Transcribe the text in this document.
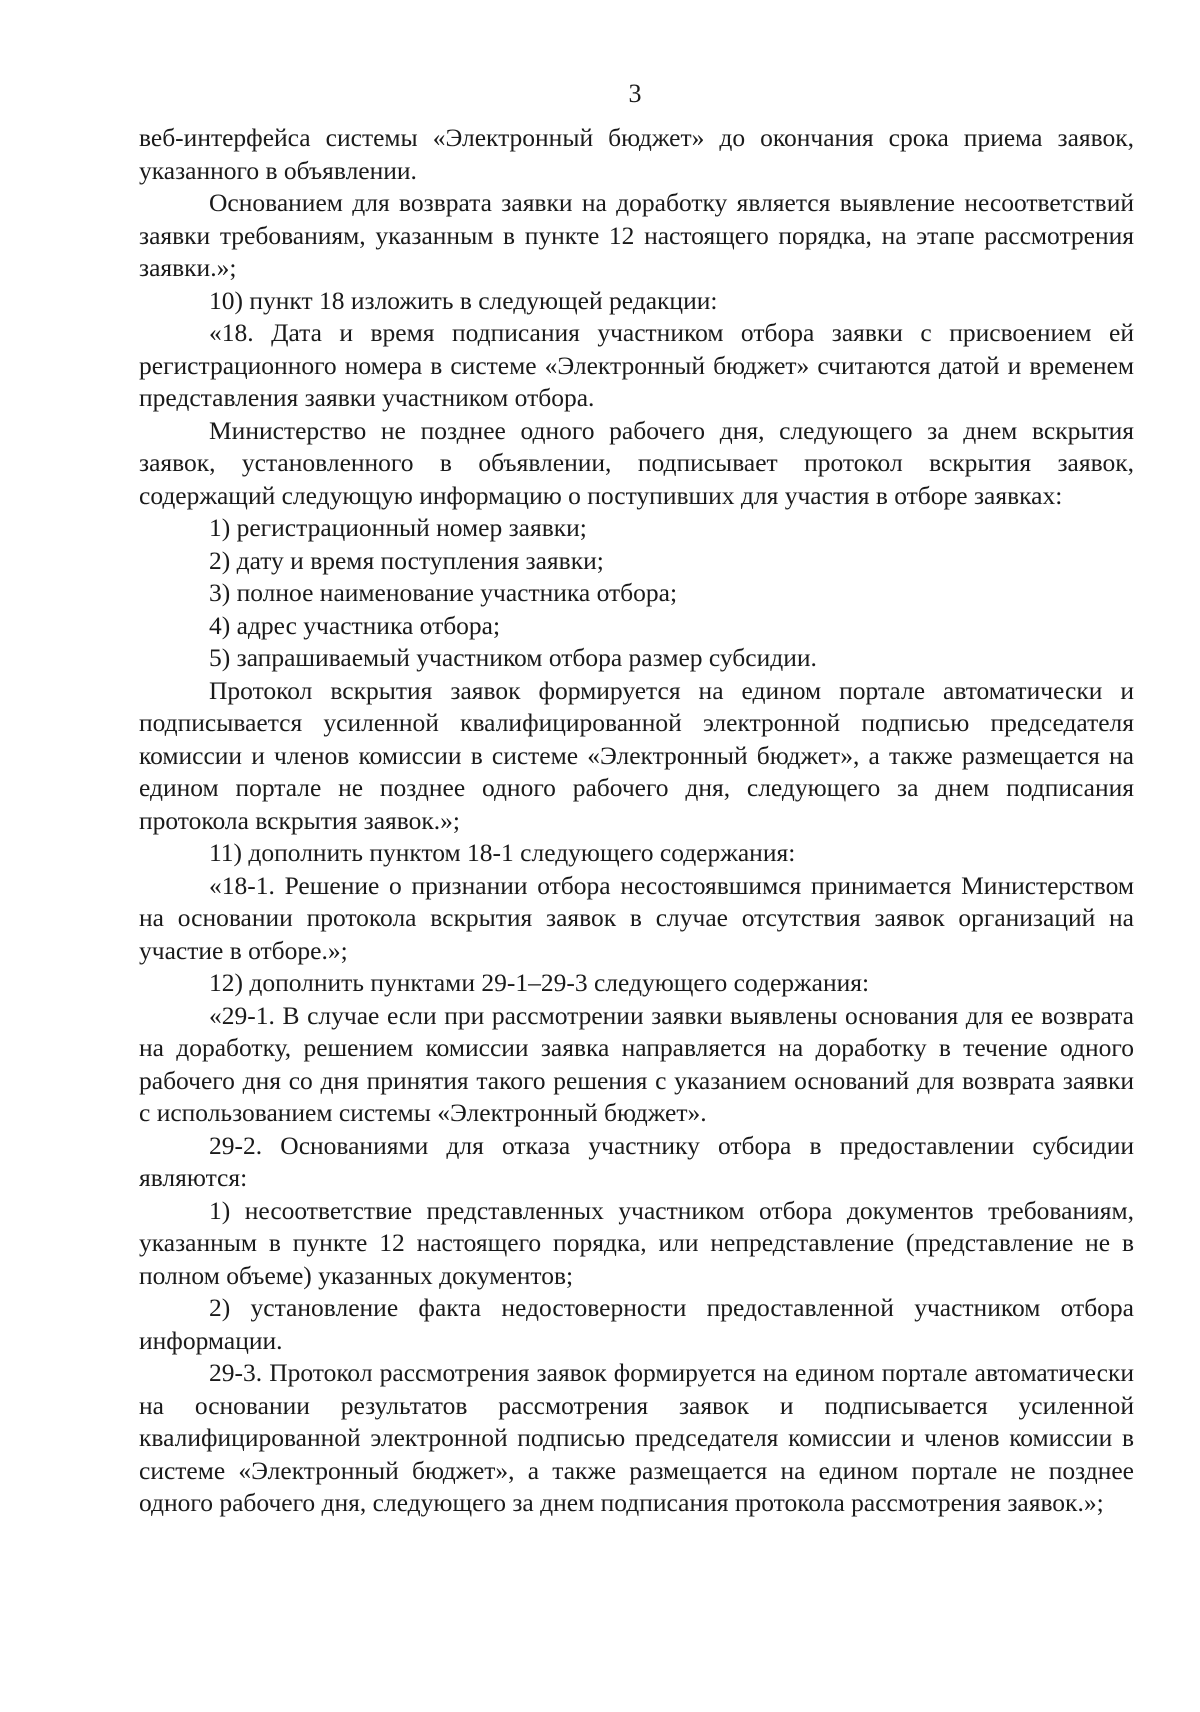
3

веб-интерфейса системы «Электронный бюджет» до окончания срока приема заявок, указанного в объявлении.

Основанием для возврата заявки на доработку является выявление несоответствий заявки требованиям, указанным в пункте 12 настоящего порядка, на этапе рассмотрения заявки.»;

10) пункт 18 изложить в следующей редакции:

«18. Дата и время подписания участником отбора заявки с присвоением ей регистрационного номера в системе «Электронный бюджет» считаются датой и временем представления заявки участником отбора.

Министерство не позднее одного рабочего дня, следующего за днем вскрытия заявок, установленного в объявлении, подписывает протокол вскрытия заявок, содержащий следующую информацию о поступивших для участия в отборе заявках:

1) регистрационный номер заявки;

2) дату и время поступления заявки;

3) полное наименование участника отбора;

4) адрес участника отбора;

5) запрашиваемый участником отбора размер субсидии.

Протокол вскрытия заявок формируется на едином портале автоматически и подписывается усиленной квалифицированной электронной подписью председателя комиссии и членов комиссии в системе «Электронный бюджет», а также размещается на едином портале не позднее одного рабочего дня, следующего за днем подписания протокола вскрытия заявок.»;

11) дополнить пунктом 18-1 следующего содержания:

«18-1. Решение о признании отбора несостоявшимся принимается Министерством на основании протокола вскрытия заявок в случае отсутствия заявок организаций на участие в отборе.»;

12) дополнить пунктами 29-1–29-3 следующего содержания:

«29-1. В случае если при рассмотрении заявки выявлены основания для ее возврата на доработку, решением комиссии заявка направляется на доработку в течение одного рабочего дня со дня принятия такого решения с указанием оснований для возврата заявки с использованием системы «Электронный бюджет».

29-2. Основаниями для отказа участнику отбора в предоставлении субсидии являются:

1) несоответствие представленных участником отбора документов требованиям, указанным в пункте 12 настоящего порядка, или непредставление (представление не в полном объеме) указанных документов;

2) установление факта недостоверности предоставленной участником отбора информации.

29-3. Протокол рассмотрения заявок формируется на едином портале автоматически на основании результатов рассмотрения заявок и подписывается усиленной квалифицированной электронной подписью председателя комиссии и членов комиссии в системе «Электронный бюджет», а также размещается на едином портале не позднее одного рабочего дня, следующего за днем подписания протокола рассмотрения заявок.»;
